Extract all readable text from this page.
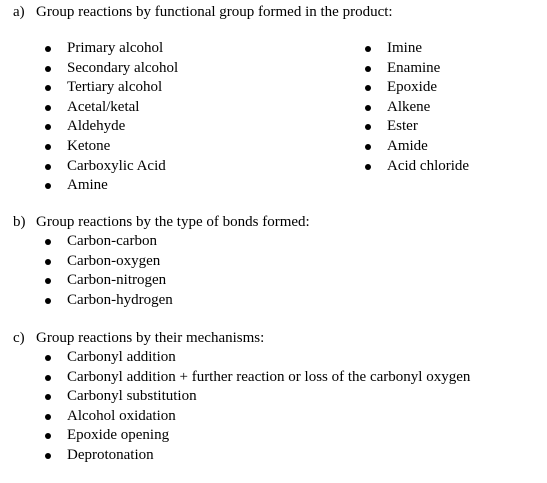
a) Group reactions by functional group formed in the product:
Primary alcohol
Secondary alcohol
Tertiary alcohol
Acetal/ketal
Aldehyde
Ketone
Carboxylic Acid
Amine
Imine
Enamine
Epoxide
Alkene
Ester
Amide
Acid chloride
b) Group reactions by the type of bonds formed:
Carbon-carbon
Carbon-oxygen
Carbon-nitrogen
Carbon-hydrogen
c) Group reactions by their mechanisms:
Carbonyl addition
Carbonyl addition + further reaction or loss of the carbonyl oxygen
Carbonyl substitution
Alcohol oxidation
Epoxide opening
Deprotonation
